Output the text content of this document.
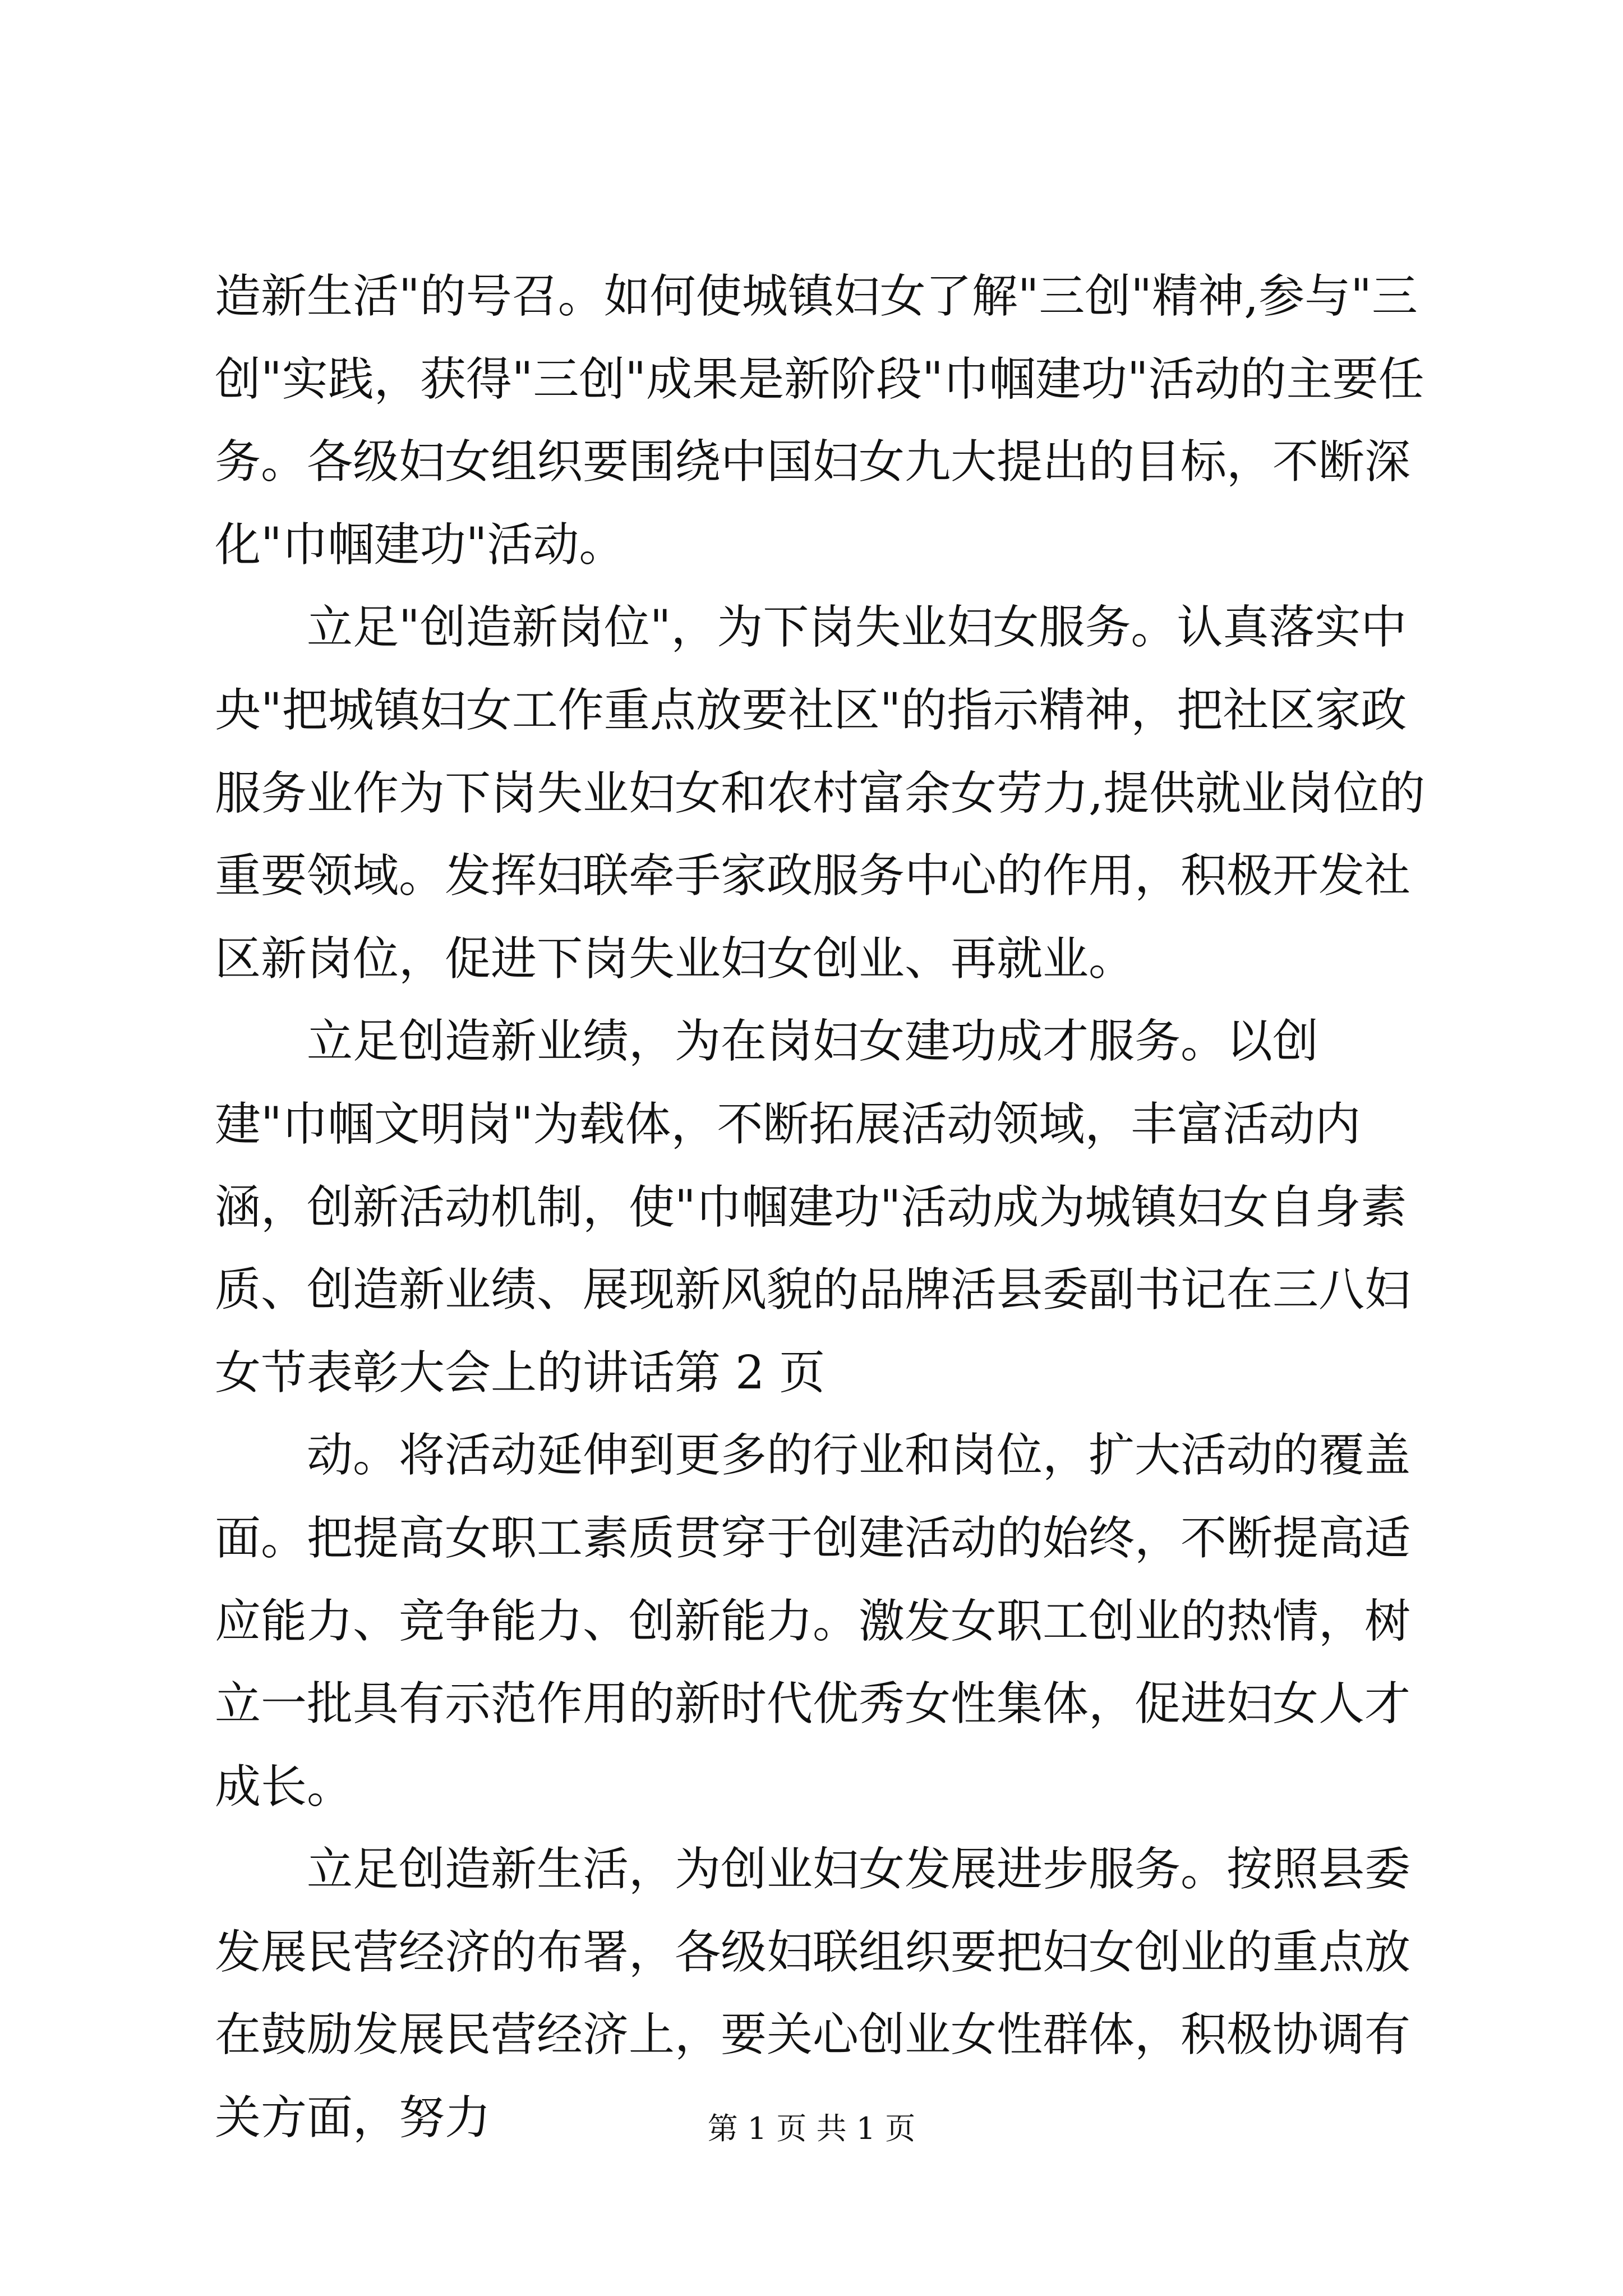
造新生活"的号召。如何使城镇妇女了解"三创"精神,参与"三创"实践，获得"三创"成果是新阶段"巾帼建功"活动的主要任务。各级妇女组织要围绕中国妇女九大提出的目标，不断深化"巾帼建功"活动。

立足"创造新岗位"，为下岗失业妇女服务。认真落实中央"把城镇妇女工作重点放要社区"的指示精神，把社区家政服务业作为下岗失业妇女和农村富余女劳力,提供就业岗位的重要领域。发挥妇联牵手家政服务中心的作用，积极开发社区新岗位，促进下岗失业妇女创业、再就业。

立足创造新业绩，为在岗妇女建功成才服务。以创建"巾帼文明岗"为载体，不断拓展活动领域，丰富活动内涵，创新活动机制，使"巾帼建功"活动成为城镇妇女自身素质、创造新业绩、展现新风貌的品牌活县委副书记在三八妇女节表彰大会上的讲话第 2 页

动。将活动延伸到更多的行业和岗位，扩大活动的覆盖面。把提高女职工素质贯穿于创建活动的始终，不断提高适应能力、竞争能力、创新能力。激发女职工创业的热情，树立一批具有示范作用的新时代优秀女性集体，促进妇女人才成长。

立足创造新生活，为创业妇女发展进步服务。按照县委发展民营经济的布署，各级妇联组织要把妇女创业的重点放在鼓励发展民营经济上，要关心创业女性群体，积极协调有关方面，努力	第 1 页 共 1 页
